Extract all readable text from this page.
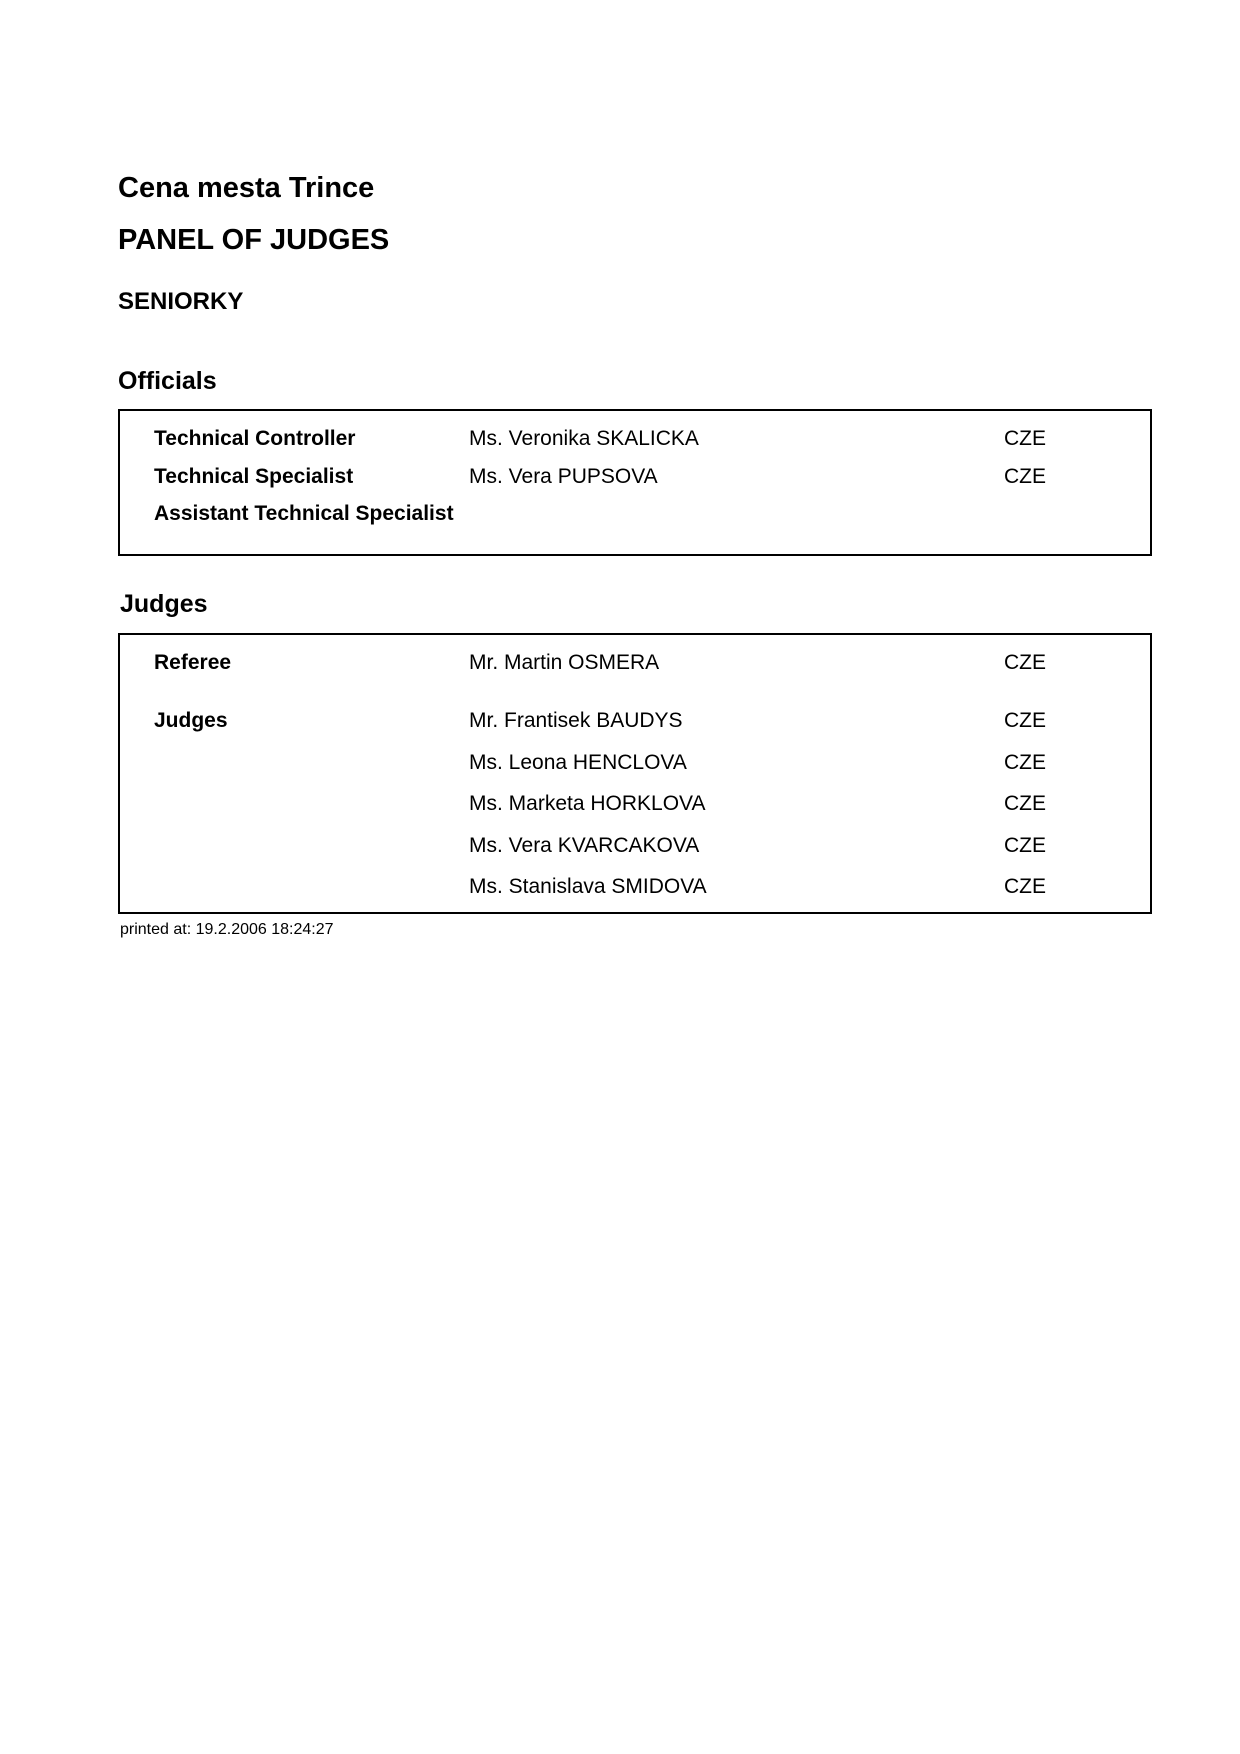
Cena mesta Trince
PANEL OF JUDGES
SENIORKY
Officials
Technical Controller	Ms. Veronika SKALICKA	CZE
Technical Specialist	Ms. Vera PUPSOVA	CZE
Assistant Technical Specialist
Judges
Referee	Mr. Martin OSMERA	CZE
Judges	Mr. Frantisek BAUDYS	CZE
Ms. Leona HENCLOVA	CZE
Ms. Marketa HORKLOVA	CZE
Ms. Vera KVARCAKOVA	CZE
Ms. Stanislava SMIDOVA	CZE
printed at: 19.2.2006 18:24:27
